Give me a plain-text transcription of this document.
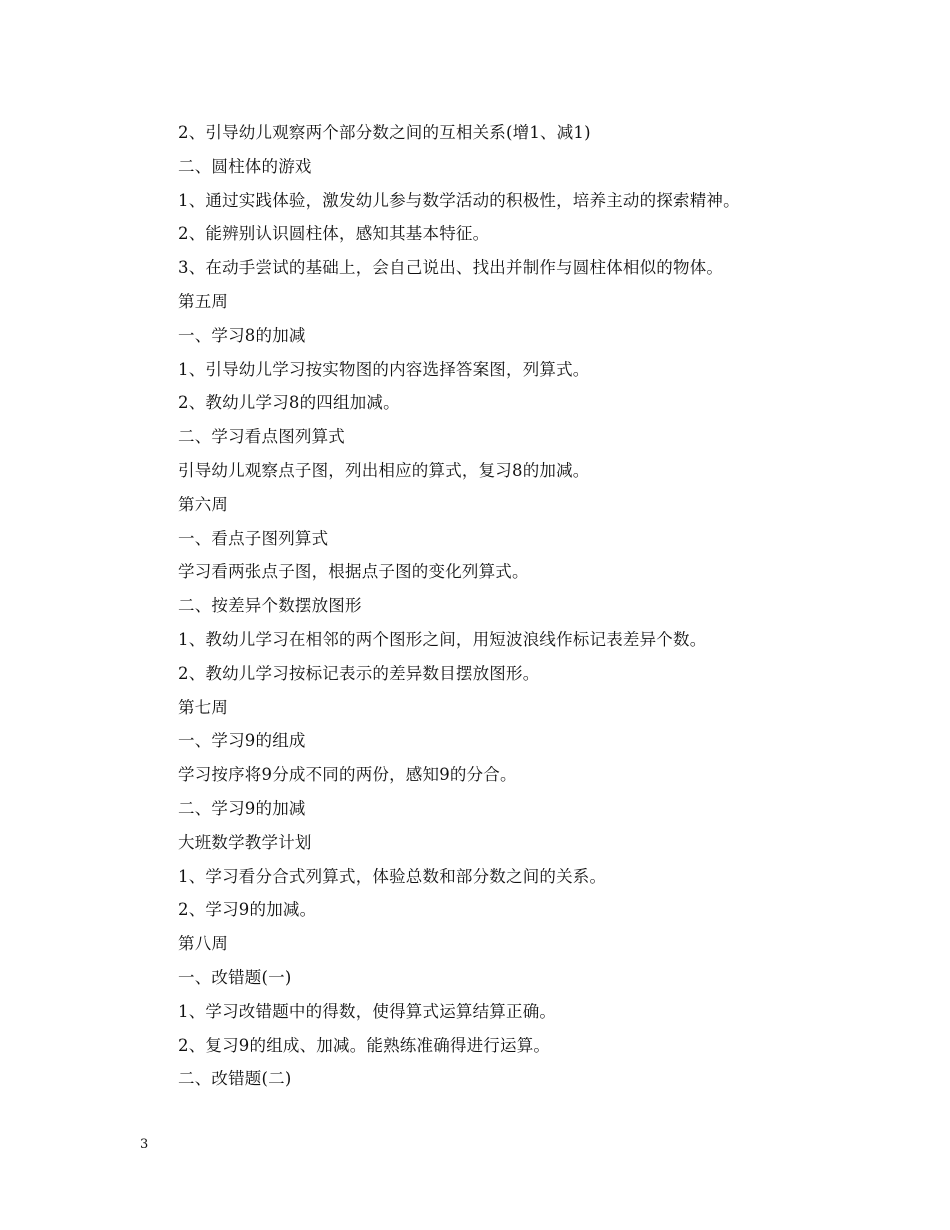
2、引导幼儿观察两个部分数之间的互相关系(增1、减1)
二、圆柱体的游戏
1、通过实践体验，激发幼儿参与数学活动的积极性，培养主动的探索精神。
2、能辨别认识圆柱体，感知其基本特征。
3、在动手尝试的基础上，会自己说出、找出并制作与圆柱体相似的物体。
第五周
一、学习8的加减
1、引导幼儿学习按实物图的内容选择答案图，列算式。
2、教幼儿学习8的四组加减。
二、学习看点图列算式
引导幼儿观察点子图，列出相应的算式，复习8的加减。
第六周
一、看点子图列算式
学习看两张点子图，根据点子图的变化列算式。
二、按差异个数摆放图形
1、教幼儿学习在相邻的两个图形之间，用短波浪线作标记表差异个数。
2、教幼儿学习按标记表示的差异数目摆放图形。
第七周
一、学习9的组成
学习按序将9分成不同的两份，感知9的分合。
二、学习9的加减
大班数学教学计划
1、学习看分合式列算式，体验总数和部分数之间的关系。
2、学习9的加减。
第八周
一、改错题(一)
1、学习改错题中的得数，使得算式运算结算正确。
2、复习9的组成、加减。能熟练准确得进行运算。
二、改错题(二)
3
